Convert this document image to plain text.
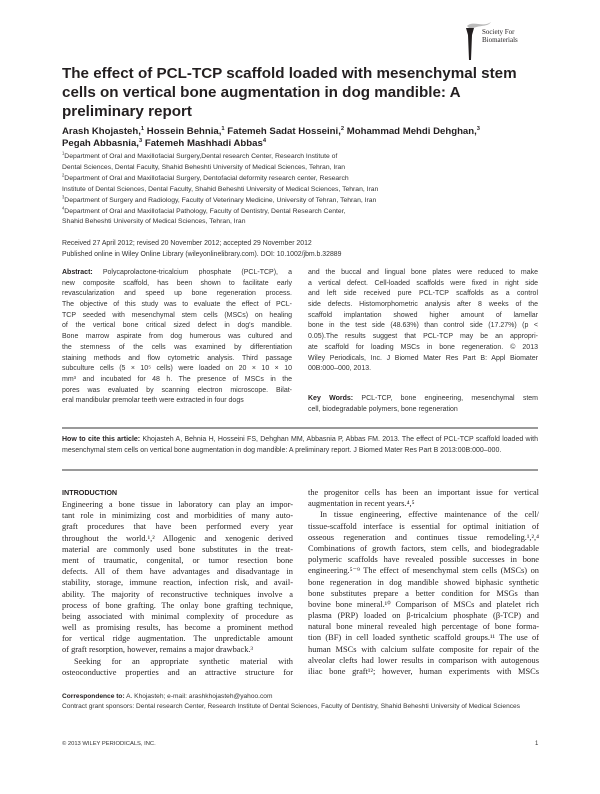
Society For
Biomaterials
The effect of PCL-TCP scaffold loaded with mesenchymal stem cells on vertical bone augmentation in dog mandible: A preliminary report
Arash Khojasteh,$^1$ Hossein Behnia,$^1$ Fatemeh Sadat Hosseini,$^2$ Mohammad Mehdi Dehghan,$^3$
Pegah Abbasnia,$^3$ Fatemeh Mashhadi Abbas$^4$
$^1$Department of Oral and Maxillofacial Surgery,Dental research Center, Research Institute of
Dental Sciences, Dental Faculty, Shahid Beheshti University of Medical Sciences, Tehran, Iran
$^2$Department of Oral and Maxillofacial Surgery, Dentofacial deformity research center, Research
Institute of Dental Sciences, Dental Faculty, Shahid Beheshti University of Medical Sciences, Tehran, Iran
$^3$Department of Surgery and Radiology, Faculty of Veterinary Medicine, University of Tehran, Tehran, Iran
$^4$Department of Oral and Maxillofacial Pathology, Faculty of Dentistry, Dental Research Center,
Shahid Beheshti University of Medical Sciences, Tehran, Iran
Received 27 April 2012; revised 20 November 2012; accepted 29 November 2012
Published online in Wiley Online Library (wileyonlinelibrary.com). DOI: 10.1002/jbm.b.32889
Abstract: Polycaprolactone-tricalcium phosphate (PCL-TCP), a
new composite scaffold, has been shown to facilitate early
revascularization and speed up bone regeneration process.
The objective of this study was to evaluate the effect of PCL-
TCP seeded with mesenchymal stem cells (MSCs) on healing
of the vertical bone critical sized defect in dog's mandible.
Bone marrow aspirate from dog humerous was cultured and
the stemness of the cells was examined by differentiation
staining methods and flow cytometric analysis. Third passage
subculture cells (5 × 10⁵ cells) were loaded on 20 × 10 × 10
mm³ and incubated for 48 h. The presence of MSCs in the
pores was evaluated by scanning electron microscope. Bilat-
eral mandibular premolar teeth were extracted in four dogs
and the buccal and lingual bone plates were reduced to make
a vertical defect. Cell-loaded scaffolds were fixed in right side
and left side received pure PCL-TCP scaffolds as a control
side defects. Histomorphometric analysis after 8 weeks of the
scaffold implantation showed higher amount of lamellar
bone in the test side (48.63%) than control side (17.27%) (p <
0.05).The results suggest that PCL-TCP may be an appropri-
ate scaffold for loading MSCs in bone regeneration. © 2013
Wiley Periodicals, Inc. J Biomed Mater Res Part B: Appl Biomater
00B:000–000, 2013.
Key Words: PCL-TCP, bone engineering, mesenchymal stem
cell, biodegradable polymers, bone regeneration
How to cite this article: Khojasteh A, Behnia H, Hosseini FS, Dehghan MM, Abbasnia P, Abbas FM. 2013. The effect of PCL-TCP scaffold loaded with mesenchymal stem cells on vertical bone augmentation in dog mandible: A preliminary report. J Biomed Mater Res Part B 2013:00B:000–000.
INTRODUCTION
Engineering a bone tissue in laboratory can play an impor-
tant role in minimizing cost and morbidities of many auto-
graft procedures that have been performed every year
throughout the world.¹,² Allogenic and xenogenic derived
material are commonly used bone substitutes in the treat-
ment of traumatic, congenital, or tumor resection bone
defects. All of them have advantages and disadvantage in
stability, storage, immune reaction, infection risk, and avail-
ability. The majority of reconstructive techniques involve a
process of bone grafting. The onlay bone grafting technique,
being associated with minimal complexity of procedure as
well as promising results, has become a prominent method
for vertical ridge augmentation. The unpredictable amount
of graft resorption, however, remains a major drawback.³
Seeking for an appropriate synthetic material with
osteoconductive properties and an attractive structure for
the progenitor cells has been an important issue for vertical
augmentation in recent years.⁴,⁵
In tissue engineering, effective maintenance of the cell/
tissue-scaffold interface is essential for optimal initiation of
osseous regeneration and continues tissue remodeling.¹,²,⁴
Combinations of growth factors, stem cells, and biodegradable
polymeric scaffolds have revealed possible successes in bone
engineering.⁵⁻⁹ The effect of mesenchymal stem cells (MSCs) on
bone regeneration in dog mandible showed biphasic synthetic
bone substitutes prepare a better condition for MSGs than
bovine bone mineral.¹⁰ Comparison of MSCs and platelet rich
plasma (PRP) loaded on β-tricalcium phosphate (β-TCP) and
natural bone mineral revealed high percentage of bone forma-
tion (BF) in cell loaded synthetic scaffold groups.¹¹ The use of
human MSCs with calcium sulfate composite for repair of the
alveolar clefts had lower results in comparison with autogenous
iliac bone graft¹²; however, human experiments with MSCs
Correspondence to: A. Khojasteh; e-mail: arashkhojasteh@yahoo.com
Contract grant sponsors: Dental research Center, Research Institute of Dental Sciences, Faculty of Dentistry, Shahid Beheshti University of Medical Sciences
© 2013 WILEY PERIODICALS, INC.	1
